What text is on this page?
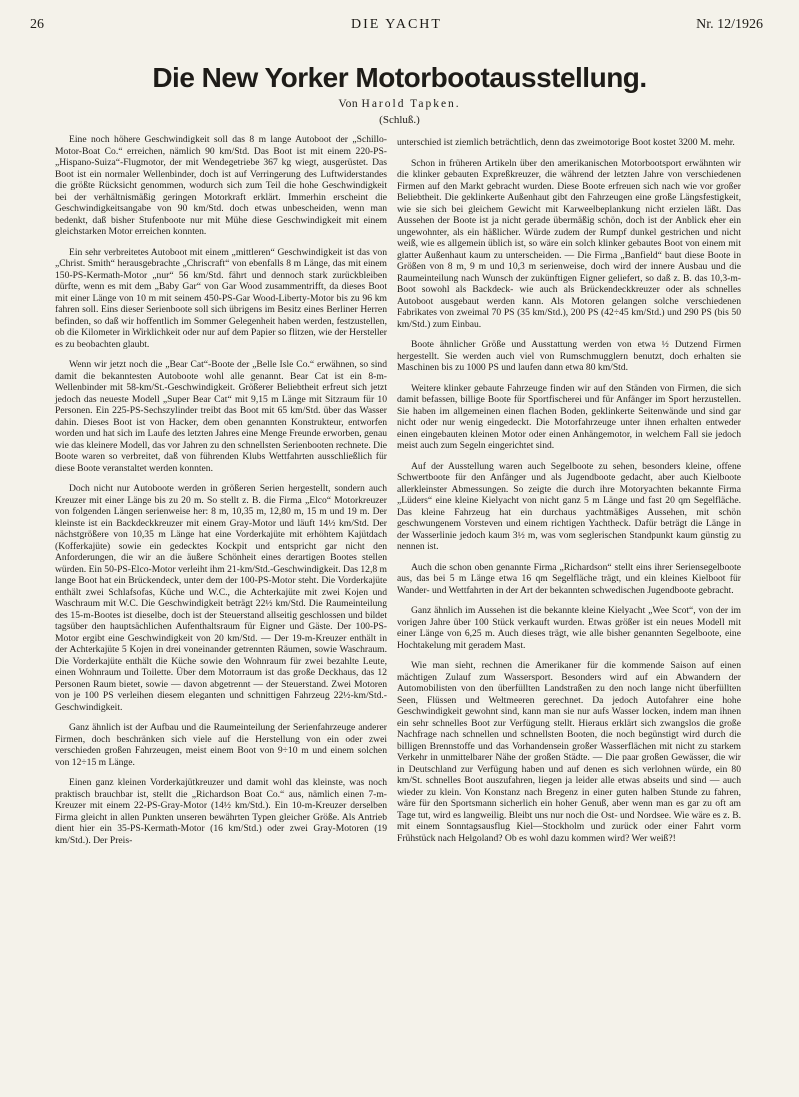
26	DIE YACHT	Nr. 12/1926
Die New Yorker Motorbootausstellung.
Von Harold Tapken.
(Schluß.)

Eine noch höhere Geschwindigkeit soll das 8 m lange Autoboot der „Schillo-Motor-Boat Co.“ erreichen, nämlich 90 km/Std. Das Boot ist mit einem 220-PS-„Hispano-Suiza“-Flugmotor, der mit Wendegetriebe 367 kg wiegt, ausgerüstet. Das Boot ist ein normaler Wellenbinder, doch ist auf Verringerung des Luftwiderstandes die größte Rücksicht genommen, wodurch sich zum Teil die hohe Geschwindigkeit bei der verhältnismäßig geringen Motorkraft erklärt. Immerhin erscheint die Geschwindigkeitsangabe von 90 km/Std. doch etwas unbescheiden, wenn man bedenkt, daß bisher Stufenboote nur mit Mühe diese Geschwindigkeit mit einem gleichstarken Motor erreichen konnten.

Ein sehr verbreitetes Autoboot mit einem „mittleren“ Geschwindigkeit ist das von „Christ. Smith“ herausgebrachte „Chriscraft“ von ebenfalls 8 m Länge, das mit einem 150-PS-Kermath-Motor „nur“ 56 km/Std. fährt und dennoch stark zurückbleiben dürfte, wenn es mit dem „Baby Gar“ von Gar Wood zusammentrifft, da dieses Boot mit einer Länge von 10 m mit seinem 450-PS-Gar Wood-Liberty-Motor bis zu 96 km fahren soll. Eins dieser Serienboote soll sich übrigens im Besitz eines Berliner Herren befinden, so daß wir hoffentlich im Sommer Gelegenheit haben werden, festzustellen, ob die Kilometer in Wirklichkeit oder nur auf dem Papier so flitzen, wie der Hersteller es zu beobachten glaubt.

Wenn wir jetzt noch die „Bear Cat“-Boote der „Belle Isle Co.“ erwähnen, so sind damit die bekanntesten Autoboote wohl alle genannt. Bear Cat ist ein 8-m-Wellenbinder mit 58-km/St.-Geschwindigkeit. Größerer Beliebtheit erfreut sich jetzt jedoch das neueste Modell „Super Bear Cat“ mit 9,15 m Länge mit Sitzraum für 10 Personen. Ein 225-PS-Sechszylinder treibt das Boot mit 65 km/Std. über das Wasser dahin. Dieses Boot ist von Hacker, dem oben genannten Konstrukteur, entworfen worden und hat sich im Laufe des letzten Jahres eine Menge Freunde erworben, genau wie das kleinere Modell, das vor Jahren zu den schnellsten Serienbooten rechnete. Die Boote waren so verbreitet, daß von führenden Klubs Wettfahrten ausschließlich für diese Boote veranstaltet werden konnten.

Doch nicht nur Autoboote werden in größeren Serien hergestellt, sondern auch Kreuzer mit einer Länge bis zu 20 m. So stellt z. B. die Firma „Elco“ Motorkreuzer von folgenden Längen serienweise her: 8 m, 10,35 m, 12,80 m, 15 m und 19 m. Der kleinste ist ein Backdeckkreuzer mit einem Gray-Motor und läuft 14½ km/Std. Der nächstgrößere von 10,35 m Länge hat eine Vorderkajüte mit erhöhtem Kajütdach (Kofferkajüte) sowie ein gedecktes Kockpit und entspricht gar nicht den Anforderungen, die wir an die äußere Schönheit eines derartigen Bootes stellen würden. Ein 50-PS-Elco-Motor verleiht ihm 21-km/Std.-Geschwindigkeit. Das 12,8 m lange Boot hat ein Brückendeck, unter dem der 100-PS-Motor steht. Die Vorderkajüte enthält zwei Schlafsofas, Küche und W.C., die Achterkajüte mit zwei Kojen und Waschraum mit W.C. Die Geschwindigkeit beträgt 22½ km/Std. Die Raumeinteilung des 15-m-Bootes ist dieselbe, doch ist der Steuerstand allseitig geschlossen und bildet tagsüber den hauptsächlichen Aufenthaltsraum für Eigner und Gäste. Der 100-PS-Motor ergibt eine Geschwindigkeit von 20 km/Std. — Der 19-m-Kreuzer enthält in der Achterkajüte 5 Kojen in drei voneinander getrennten Räumen, sowie Waschraum. Die Vorderkajüte enthält die Küche sowie den Wohnraum für zwei bezahlte Leute, einen Wohnraum und Toilette. Über dem Motorraum ist das große Deckhaus, das 12 Personen Raum bietet, sowie — davon abgetrennt — der Steuerstand. Zwei Motoren von je 100 PS verleihen diesem eleganten und schnittigen Fahrzeug 22½-km/Std.-Geschwindigkeit.

Ganz ähnlich ist der Aufbau und die Raumeinteilung der Serienfahrzeuge anderer Firmen, doch beschränken sich viele auf die Herstellung von ein oder zwei verschieden großen Fahrzeugen, meist einem Boot von 9÷10 m und einem solchen von 12÷15 m Länge.

Einen ganz kleinen Vorderkajütkreuzer und damit wohl das kleinste, was noch praktisch brauchbar ist, stellt die „Richardson Boat Co.“ aus, nämlich einen 7-m-Kreuzer mit einem 22-PS-Gray-Motor (14½ km/Std.). Ein 10-m-Kreuzer derselben Firma gleicht in allen Punkten unseren bewährten Typen gleicher Größe. Als Antrieb dient hier ein 35-PS-Kermath-Motor (16 km/Std.) oder zwei Gray-Motoren (19 km/Std.). Der Preis-

unterschied ist ziemlich beträchtlich, denn das zweimotorige Boot kostet 3200 M. mehr.

Schon in früheren Artikeln über den amerikanischen Motorbootsport erwähnten wir die klinker gebauten Expreßkreuzer, die während der letzten Jahre von verschiedenen Firmen auf den Markt gebracht wurden. Diese Boote erfreuen sich nach wie vor großer Beliebtheit. Die geklinkerte Außenhaut gibt den Fahrzeugen eine große Längsfestigkeit, wie sie sich bei gleichem Gewicht mit Karweelbeplankung nicht erzielen läßt. Das Aussehen der Boote ist ja nicht gerade übermäßig schön, doch ist der Anblick eher ein ungewohnter, als ein häßlicher. Würde zudem der Rumpf dunkel gestrichen und nicht weiß, wie es allgemein üblich ist, so wäre ein solch klinker gebautes Boot von einem mit glatter Außenhaut kaum zu unterscheiden. — Die Firma „Banfield“ baut diese Boote in Größen von 8 m, 9 m und 10,3 m serienweise, doch wird der innere Ausbau und die Raumeinteilung nach Wunsch der zukünftigen Eigner geliefert, so daß z. B. das 10,3-m-Boot sowohl als Backdeck- wie auch als Brückendeckkreuzer oder als schnelles Autoboot ausgebaut werden kann. Als Motoren gelangen solche verschiedenen Fabrikates von zweimal 70 PS (35 km/Std.), 200 PS (42÷45 km/Std.) und 290 PS (bis 50 km/Std.) zum Einbau.

Boote ähnlicher Größe und Ausstattung werden von etwa ½ Dutzend Firmen hergestellt. Sie werden auch viel von Rumschmugglern benutzt, doch erhalten sie Maschinen bis zu 1000 PS und laufen dann etwa 80 km/Std.

Weitere klinker gebaute Fahrzeuge finden wir auf den Ständen von Firmen, die sich damit befassen, billige Boote für Sportfischerei und für Anfänger im Sport herzustellen. Sie haben im allgemeinen einen flachen Boden, geklinkerte Seitenwände und sind gar nicht oder nur wenig eingedeckt. Die Motorfahrzeuge unter ihnen erhalten entweder einen eingebauten kleinen Motor oder einen Anhängemotor, in welchem Fall sie jedoch meist auch zum Segeln eingerichtet sind.

Auf der Ausstellung waren auch Segelboote zu sehen, besonders kleine, offene Schwertboote für den Anfänger und als Jugendboote gedacht, aber auch Kielboote allerkleinster Abmessungen. So zeigte die durch ihre Motoryachten bekannte Firma „Lüders“ eine kleine Kielyacht von nicht ganz 5 m Länge und fast 20 qm Segelfläche. Das kleine Fahrzeug hat ein durchaus yachtmäßiges Aussehen, mit schön geschwungenem Vorsteven und einem richtigen Yachtheck. Dafür beträgt die Länge in der Wasserlinie jedoch kaum 3½ m, was vom seglerischen Standpunkt kaum günstig zu nennen ist.

Auch die schon oben genannte Firma „Richardson“ stellt eins ihrer Seriensegelboote aus, das bei 5 m Länge etwa 16 qm Segelfläche trägt, und ein kleines Kielboot für Wander- und Wettfahrten in der Art der bekannten schwedischen Jugendboote gebracht.

Ganz ähnlich im Aussehen ist die bekannte kleine Kielyacht „Wee Scot“, von der im vorigen Jahre über 100 Stück verkauft wurden. Etwas größer ist ein neues Modell mit einer Länge von 6,25 m. Auch dieses trägt, wie alle bisher genannten Segelboote, eine Hochtakelung mit geradem Mast.

Wie man sieht, rechnen die Amerikaner für die kommende Saison auf einen mächtigen Zulauf zum Wassersport. Besonders wird auf ein Abwandern der Automobilisten von den überfüllten Landstraßen zu den noch lange nicht überfüllten Seen, Flüssen und Weltmeeren gerechnet. Da jedoch Autofahrer eine hohe Geschwindigkeit gewohnt sind, kann man sie nur aufs Wasser locken, indem man ihnen ein sehr schnelles Boot zur Verfügung stellt. Hieraus erklärt sich zwangslos die große Nachfrage nach schnellen und schnellsten Booten, die noch begünstigt wird durch die billigen Brennstoffe und das Vorhandensein großer Wasserflächen mit nicht zu starkem Verkehr in unmittelbarer Nähe der großen Städte. — Die paar großen Gewässer, die wir in Deutschland zur Verfügung haben und auf denen es sich verlohnen würde, ein 80 km/St. schnelles Boot auszufahren, liegen ja leider alle etwas abseits und sind — auch wieder zu klein. Von Konstanz nach Bregenz in einer guten halben Stunde zu fahren, wäre für den Sportsmann sicherlich ein hoher Genuß, aber wenn man es gar zu oft am Tage tut, wird es langweilig. Bleibt uns nur noch die Ost- und Nordsee. Wie wäre es z. B. mit einem Sonntagsausflug Kiel—Stockholm und zurück oder einer Fahrt vorm Frühstück nach Helgoland? Ob es wohl dazu kommen wird? Wer weiß?!
